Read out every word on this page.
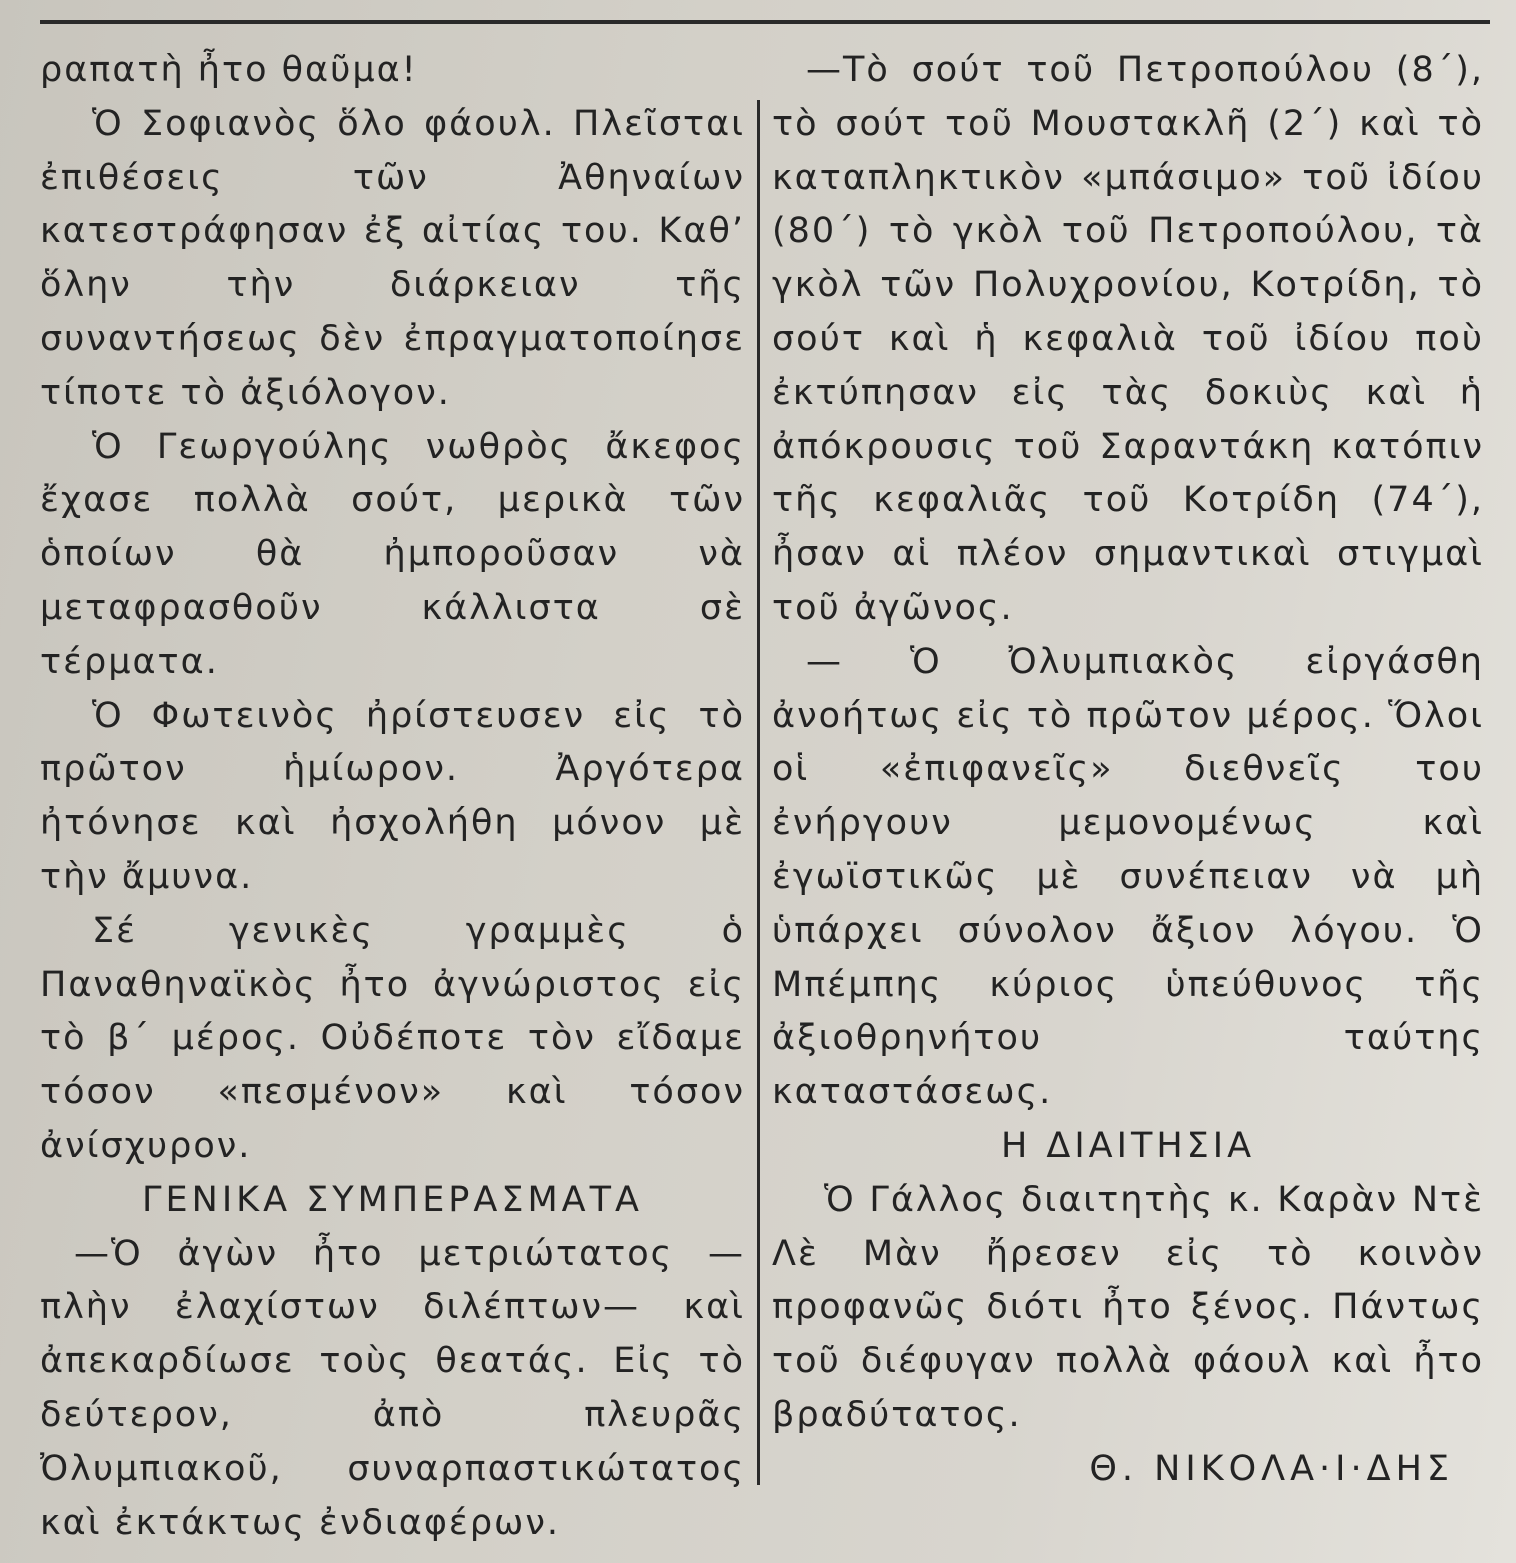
ραπατὴ ἦτο θαῦμα!

Ὁ Σοφιανὸς ὅλο φάουλ. Πλεῖσται ἐπιθέσεις τῶν Ἀθηναίων κατεστράφησαν ἐξ αἰτίας του. Καθ’ ὅλην τὴν διάρκειαν τῆς συναντήσεως δὲν ἐπραγματοποίησε τίποτε τὸ ἀξιόλογον.

Ὁ Γεωργούλης νωθρὸς ἄκεφος ἔχασε πολλὰ σούτ, μερικὰ τῶν ὁποίων θὰ ἠμποροῦσαν νὰ μεταφρασθοῦν κάλλιστα σὲ τέρματα.

Ὁ Φωτεινὸς ἠρίστευσεν εἰς τὸ πρῶτον ἡμίωρον. Ἀργότερα ἠτόνησε καὶ ἠσχολήθη μόνον μὲ τὴν ἄμυνα.

Σέ γενικὲς γραμμὲς ὁ Παναθηναϊκὸς ἦτο ἀγνώριστος εἰς τὸ β΄ μέρος. Οὐδέποτε τὸν εἴδαμε τόσον «πεσμένον» καὶ τόσον ἀνίσχυρον.

ΓΕΝΙΚΑ ΣΥΜΠΕΡΑΣΜΑΤΑ

—Ὁ ἀγὼν ἦτο μετριώτατος — πλὴν ἐλαχίστων διλέπτων— καὶ ἀπεκαρδίωσε τοὺς θεατάς. Εἰς τὸ δεύτερον, ἀπὸ πλευρᾶς Ὀλυμπιακοῦ, συναρπαστικώτατος καὶ ἐκτάκτως ἐνδιαφέρων.

—Τὸ σούτ τοῦ Πετροπούλου (8΄), τὸ σούτ τοῦ Μουστακλῆ (2΄) καὶ τὸ καταπληκτικὸν «μπάσιμο» τοῦ ἰδίου (80΄) τὸ γκὸλ τοῦ Πετροπούλου, τὰ γκὸλ τῶν Πολυχρονίου, Κοτρίδη, τὸ σούτ καὶ ἡ κεφαλιὰ τοῦ ἰδίου ποὺ ἐκτύπησαν εἰς τὰς δοκιὺς καὶ ἡ ἀπόκρουσις τοῦ Σαραντάκη κατόπιν τῆς κεφαλιᾶς τοῦ Κοτρίδη (74΄), ἦσαν αἱ πλέον σημαντικαὶ στιγμαὶ τοῦ ἀγῶνος.

— Ὁ Ὀλυμπιακὸς εἰργάσθη ἀνοήτως εἰς τὸ πρῶτον μέρος. Ὅλοι οἱ «ἐπιφανεῖς» διεθνεῖς του ἐνήργουν μεμονομένως καὶ ἐγωϊστικῶς μὲ συνέπειαν νὰ μὴ ὑπάρχει σύνολον ἄξιον λόγου. Ὁ Μπέμπης κύριος ὑπεύθυνος τῆς ἀξιοθρηνήτου ταύτης καταστάσεως.

Η ΔΙΑΙΤΗΣΙΑ

Ὁ Γάλλος διαιτητὴς κ. Καρὰν Ντὲ Λὲ Μὰν ἤρεσεν εἰς τὸ κοινὸν προφανῶς διότι ἦτο ξένος. Πάντως τοῦ διέφυγαν πολλὰ φάουλ καὶ ἦτο βραδύτατος.

Θ. ΝΙΚΟΛΑ·Ι·ΔΗΣ
